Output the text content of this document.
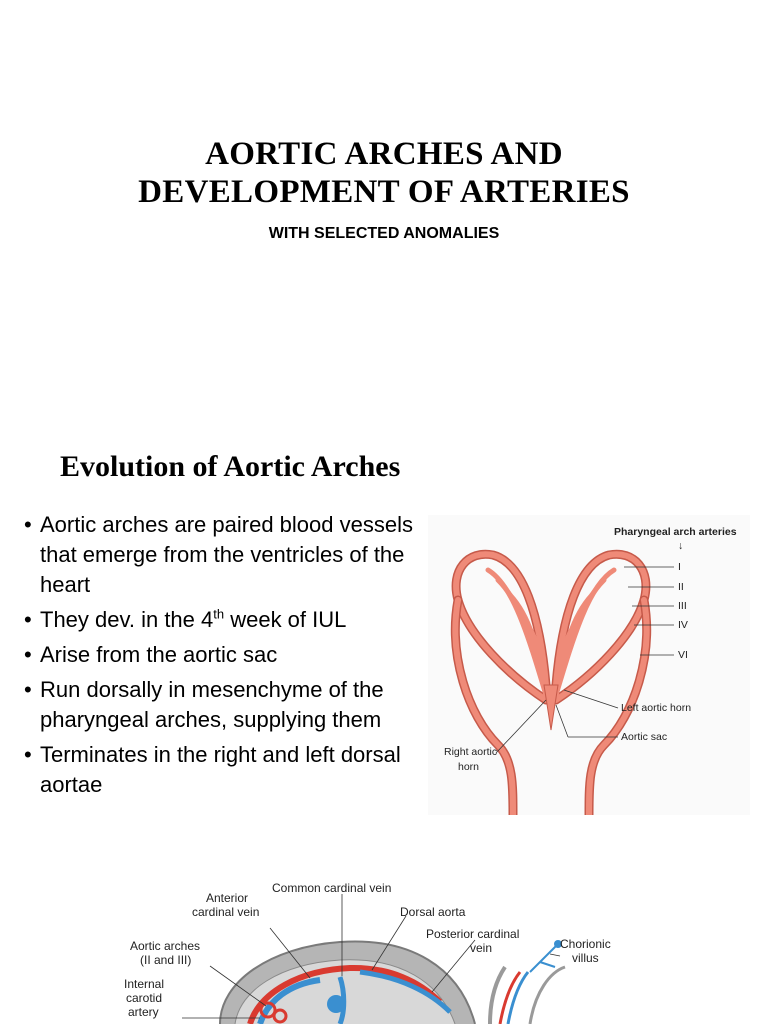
AORTIC ARCHES AND
DEVELOPMENT OF ARTERIES
WITH SELECTED ANOMALIES
Evolution of Aortic Arches
• Aortic arches are paired blood vessels that emerge from the ventricles of the heart
• They dev. in the 4th week of IUL
• Arise from the aortic sac
• Run dorsally in mesenchyme of the pharyngeal arches, supplying them
• Terminates in the right and left dorsal aortae
Pharyngeal arch arteries
↓
I
II
III
IV
VI
Left aortic horn
Aortic sac
Right aortic
horn
Common cardinal vein
Anterior
cardinal vein	Dorsal aorta
Posterior cardinal
vein
Aortic arches
(II and III)
Chorionic
villus
Internal
carotid
artery
